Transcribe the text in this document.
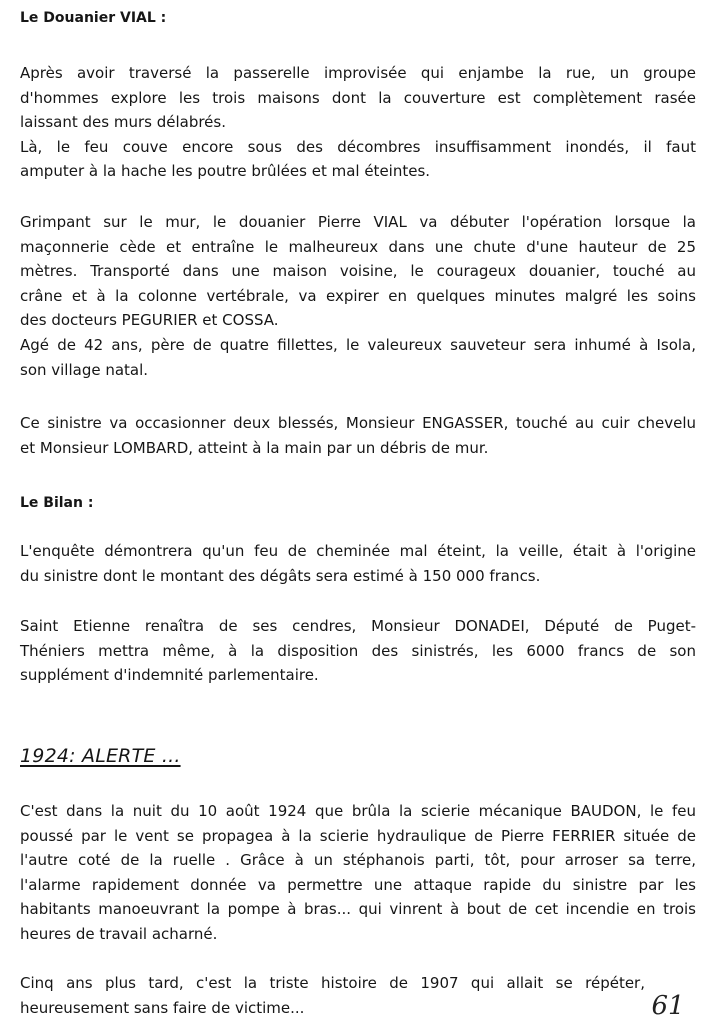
Le Douanier VIAL :
Après avoir traversé la passerelle improvisée qui enjambe la rue, un groupe
d'hommes explore les trois maisons dont la couverture est complètement rasée
laissant des murs délabrés.
Là, le feu couve encore sous des décombres insuffisamment inondés, il faut
amputer à la hache les poutre brûlées et mal éteintes.
Grimpant sur le mur, le douanier Pierre VIAL va débuter l'opération lorsque la
maçonnerie cède et entraîne le malheureux dans une chute d'une hauteur de 25
mètres. Transporté dans une maison voisine, le courageux douanier, touché au
crâne et à la colonne vertébrale, va expirer en quelques minutes malgré les soins
des docteurs PEGURIER et COSSA.
Agé de 42 ans, père de quatre fillettes, le valeureux sauveteur sera inhumé à Isola,
son village natal.
Ce sinistre va occasionner deux blessés, Monsieur ENGASSER, touché au cuir chevelu
et Monsieur LOMBARD, atteint à la main par un débris de mur.
Le Bilan :
L'enquête démontrera qu'un feu de cheminée mal éteint, la veille, était à l'origine
du sinistre dont le montant des dégâts sera estimé à 150 000 francs.
Saint Etienne renaîtra de ses cendres, Monsieur DONADEI, Député de Puget-
Théniers mettra même, à la disposition des sinistrés, les 6000 francs de son
supplément d'indemnité parlementaire.
1924: ALERTE ...
C'est dans la nuit du 10 août 1924 que brûla la scierie mécanique BAUDON, le feu
poussé par le vent se propagea à la scierie hydraulique de Pierre FERRIER située de
l'autre coté de la ruelle . Grâce à un stéphanois parti, tôt, pour arroser sa terre,
l'alarme rapidement donnée va permettre une attaque rapide du sinistre par les
habitants manoeuvrant la pompe à bras... qui vinrent à bout de cet incendie en trois
heures de travail acharné.
Cinq ans plus tard, c'est la triste histoire de 1907 qui allait se répéter,
heureusement sans faire de victime...	61
